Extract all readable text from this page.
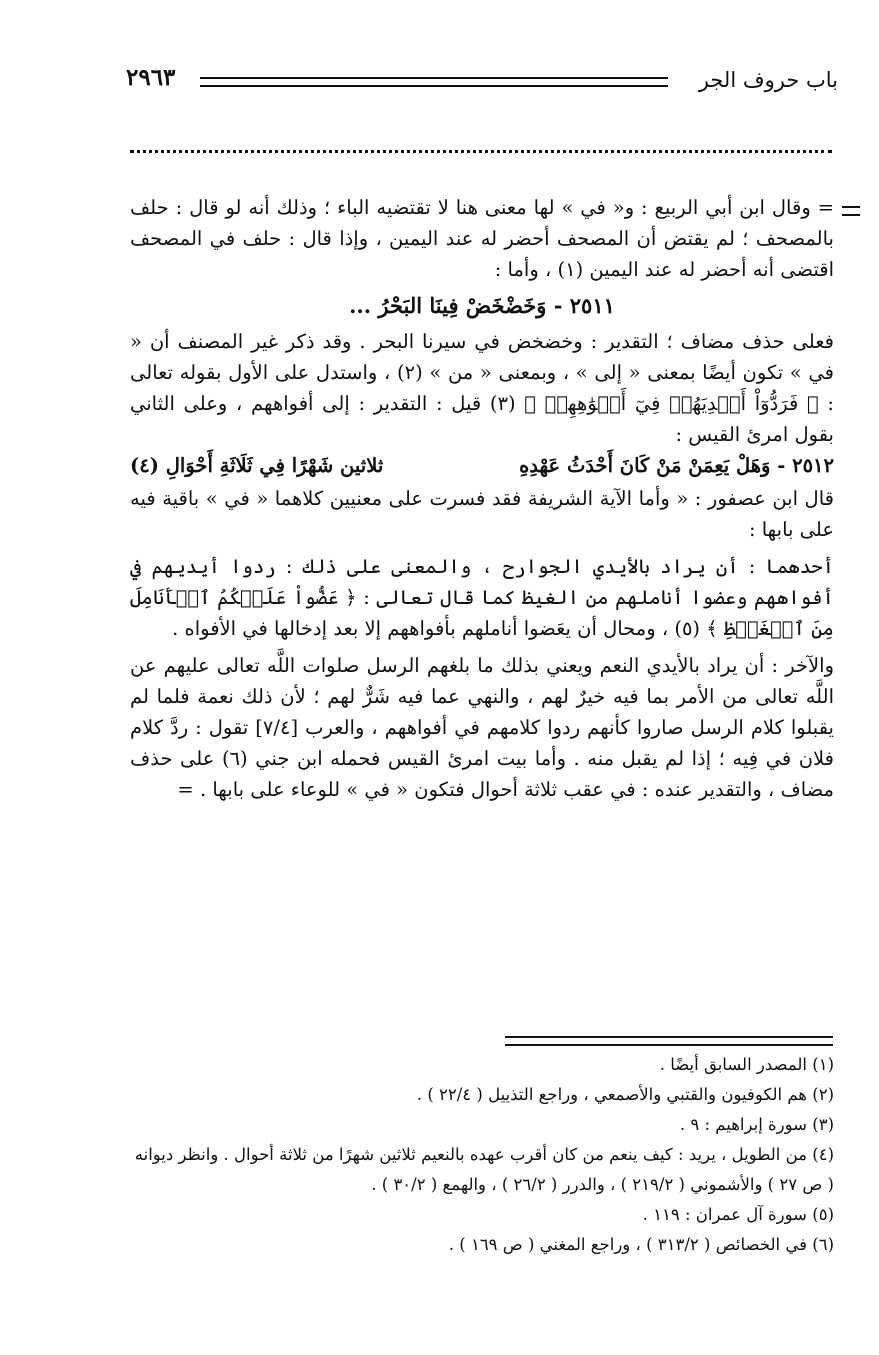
باب حروف الجر
٢٩٦٣

= وقال ابن أبي الربيع : و« في » لها معنى هنا لا تقتضيه الباء ؛ وذلك أنه لو قال : حلف بالمصحف ؛ لم يقتض أن المصحف أحضر له عند اليمين ، وإذا قال : حلف في المصحف اقتضى أنه أحضر له عند اليمين (١) ، وأما :

٢٥١١ - وَخَضْخَضْ فِينَا البَحْرُ ...

فعلى حذف مضاف ؛ التقدير : وخضخض في سيرنا البحر . وقد ذكر غير المصنف أن « في » تكون أيضًا بمعنى « إلى » ، وبمعنى « من » (٢) ، واستدل على الأول بقوله تعالى : ﴿ فَرَدُّوٓاْ أَيۡدِيَهُمۡ فِيٓ أَفۡوَٰهِهِمۡ ﴾ (٣) قيل : التقدير : إلى أفواههم ، وعلى الثاني بقول امرئ القيس :

٢٥١٢ - وَهَلْ يَعِمَنْ مَنْ كَانَ أَحْدَثُ عَهْدِهِ
ثلاثين شَهْرًا فِي ثَلَاثَةِ أَحْوَالِ (٤)

قال ابن عصفور : « وأما الآية الشريفة فقد فسرت على معنيين كلاهما « في » باقية فيه على بابها :

أحدهما : أن يراد بالأيدي الجوارح ، والمعنى على ذلك : ردوا أيديهم في أفواههم وعضوا أناملهم من الغيظ كما قال تعالى : ﴿ عَضُّواْ عَلَيۡكُمُ ٱلۡأَنَامِلَ مِنَ ٱلۡغَيۡظِ ﴾ (٥) ، ومحال أن يعَضوا أناملهم بأفواههم إلا بعد إدخالها في الأفواه .

والآخر : أن يراد بالأيدي النعم ويعني بذلك ما بلغهم الرسل صلوات اللَّه تعالى عليهم عن اللَّه تعالى من الأمر بما فيه خيرٌ لهم ، والنهي عما فيه شَرٌّ لهم ؛ لأن ذلك نعمة فلما لم يقبلوا كلام الرسل صاروا كأنهم ردوا كلامهم في أفواههم ، والعرب [٧/٤] تقول : ردَّ كلام فلان في فِيه ؛ إذا لم يقبل منه . وأما بيت امرئ القيس فحمله ابن جني (٦) على حذف مضاف ، والتقدير عنده : في عقب ثلاثة أحوال فتكون « في » للوعاء على بابها . =

(١) المصدر السابق أيضًا .

(٢) هم الكوفيون والقتبي والأصمعي ، وراجع التذييل ( ٢٢/٤ ) .

(٣) سورة إبراهيم : ٩ .

(٤) من الطويل ، يريد : كيف ينعم من كان أقرب عهده بالنعيم ثلاثين شهرًا من ثلاثة أحوال . وانظر ديوانه ( ص ٢٧ ) والأشموني ( ٢١٩/٢ ) ، والدرر ( ٢٦/٢ ) ، والهمع ( ٣٠/٢ ) .

(٥) سورة آل عمران : ١١٩ .

(٦) في الخصائص ( ٣١٣/٢ ) ، وراجع المغني ( ص ١٦٩ ) .
